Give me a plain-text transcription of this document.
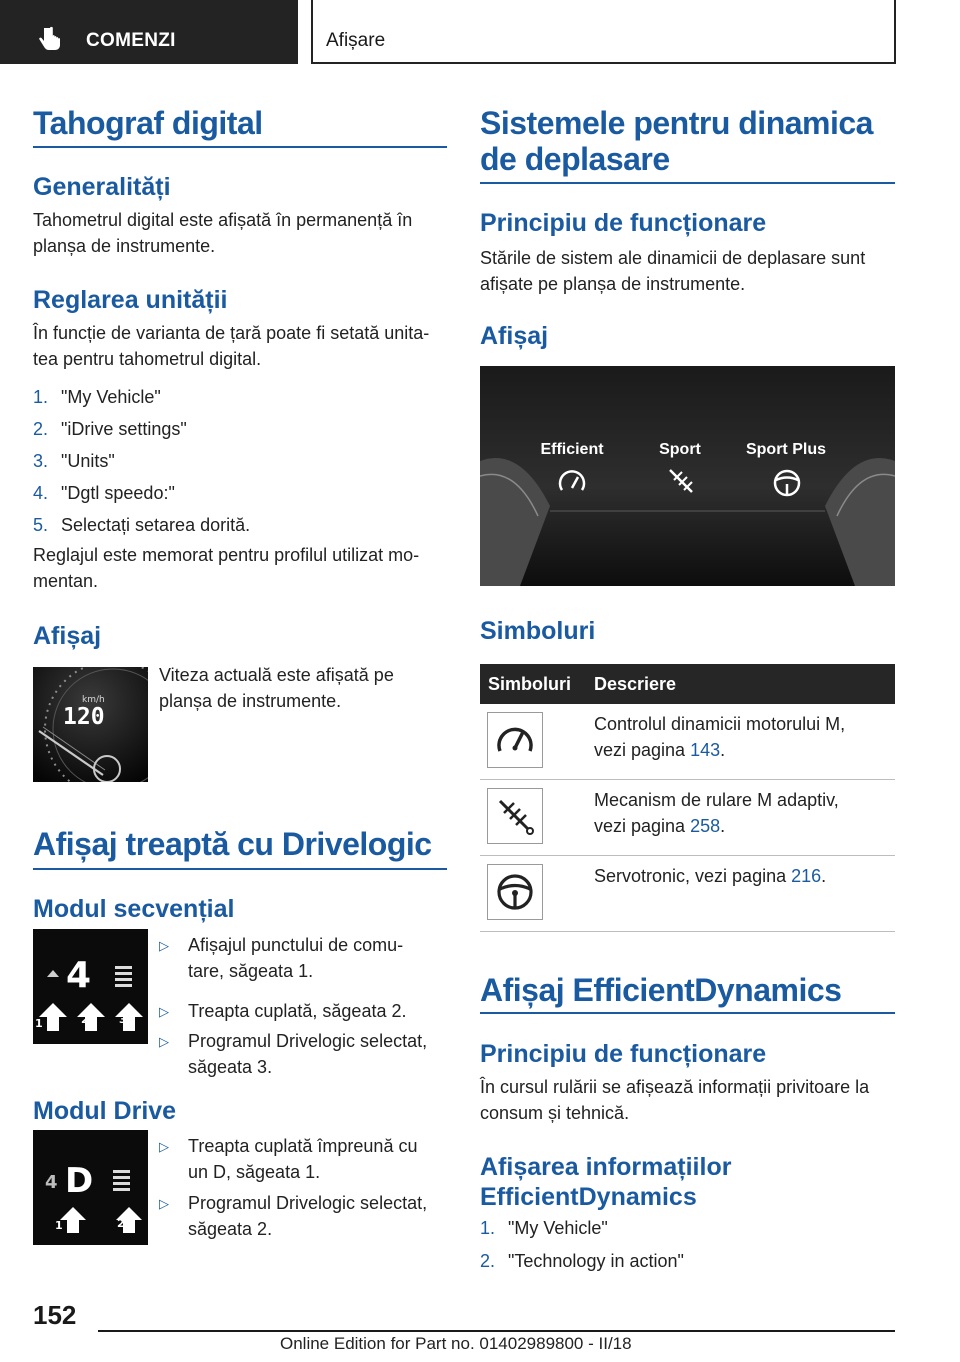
COMENZI	Afișare
Tahograf digital
Generalități
Tahometrul digital este afișată în permanență în
planșa de instrumente.
Reglarea unității
În funcție de varianta de țară poate fi setată unita‐
tea pentru tahometrul digital.
1. "My Vehicle"
2. "iDrive settings"
3. "Units"
4. "Dgtl speedo:"
5. Selectați setarea dorită.
Reglajul este memorat pentru profilul utilizat mo‐
mentan.
Afișaj
km/h
120
Viteza actuală este afișată pe
planșa de instrumente.
Afișaj treaptă cu Drivelogic
Modul secvențial
4
1	2	3
▷ Afișajul punctului de comu‐
tare, săgeata 1.
▷ Treapta cuplată, săgeata 2.
▷ Programul Drivelogic selectat,
săgeata 3.
Modul Drive
4 D
1	2
▷ Treapta cuplată împreună cu
un D, săgeata 1.
▷ Programul Drivelogic selectat,
săgeata 2.
Sistemele pentru dinamica
de deplasare
Principiu de funcționare
Stările de sistem ale dinamicii de deplasare sunt
afișate pe planșa de instrumente.
Afișaj
Efficient	Sport	Sport Plus
Simboluri
Simboluri Descriere
Controlul dinamicii motorului M,
vezi pagina 143.
Mecanism de rulare M adaptiv,
vezi pagina 258.
Servotronic, vezi pagina 216.
Afișaj EfficientDynamics
Principiu de funcționare
În cursul rulării se afișează informații privitoare la
consum și tehnică.
Afișarea informațiilor
EfficientDynamics
1. "My Vehicle"
2. "Technology in action"
152
Online Edition for Part no. 01402989800 - II/18
